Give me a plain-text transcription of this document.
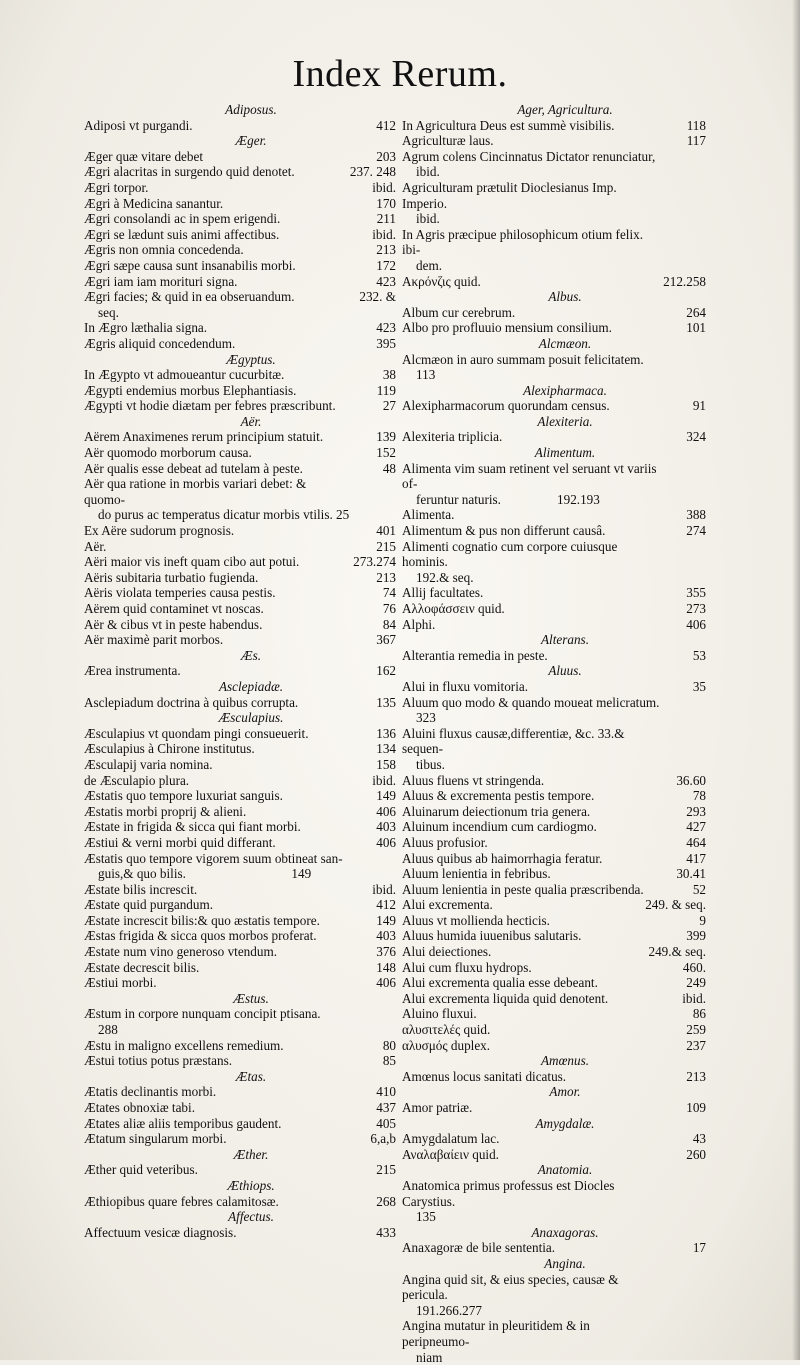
Index Rerum.
Adiposus.
Adiposi vt purgandi.	412
Æger.
Æger quæ vitare debet	203
Ægri alacritas in surgendo quid denotet.	237. 248
Ægri torpor.	ibid.
Ægri à Medicina sanantur.	170
Ægri consolandi ac in spem erigendi.	211
Ægri se lædunt suis animi affectibus.	ibid.
Ægris non omnia concedenda.	213
Ægri sæpe causa sunt insanabilis morbi.	172
Ægri iam iam morituri signa.	423
Ægri facies; & quid in ea obseruandum.	232. &
seq.
In Ægro læthalia signa.	423
Ægris aliquid concedendum.	395
Ægyptus.
In Ægypto vt admoueantur cucurbitæ.	38
Ægypti endemius morbus Elephantiasis.	119
Ægypti vt hodie diætam per febres præscribunt.	27
Aër.
Aërem Anaximenes rerum principium statuit.	139
Aër quomodo morborum causa.	152
Aër qualis esse debeat ad tutelam à peste.	48
Aër qua ratione in morbis variari debet: & quomo-
do purus ac temperatus dicatur morbis vtilis. 25
Ex Aëre sudorum prognosis.	401
Aër.	215
Aëri maior vis ineft quam cibo aut potui.	273.274
Aëris subitaria turbatio fugienda.	213
Aëris violata temperies causa pestis.	74
Aërem quid contaminet vt noscas.	76
Aër & cibus vt in peste habendus.	84
Aër maximè parit morbos.	367
Æs.
Ærea instrumenta.	162
Asclepiadæ.
Asclepiadum doctrina à quibus corrupta.	135
Æsculapius.
Æsculapius vt quondam pingi consueuerit.	136
Æsculapius à Chirone institutus.	134
Æsculapij varia nomina.	158
de Æsculapio plura.	ibid.
Æstatis quo tempore luxuriat sanguis.	149
Æstatis morbi proprij & alieni.	406
Æstate in frigida & sicca qui fiant morbi.	403
Æstiui & verni morbi quid differant.	406
Æstatis quo tempore vigorem suum obtineat san-
guis,& quo bilis.                                149
Æstate bilis increscit.	ibid.
Æstate quid purgandum.	412
Æstate increscit bilis:& quo æstatis tempore.	149
Æstas frigida & sicca quos morbos proferat.	403
Æstate num vino generoso vtendum.	376
Æstate decrescit bilis.	148
Æstiui morbi.	406
Æstus.
Æstum in corpore nunquam concipit ptisana.
288
Æstu in maligno excellens remedium.	80
Æstui totius potus præstans.	85
Ætas.
Ætatis declinantis morbi.	410
Ætates obnoxiæ tabi.	437
Ætates aliæ aliis temporibus gaudent.	405
Ætatum singularum morbi.	6,a,b
Æther.
Æther quid veteribus.	215
Æthiops.
Æthiopibus quare febres calamitosæ.	268
Affectus.
Affectuum vesicæ diagnosis.	433
Ager, Agricultura.
In Agricultura Deus est summè visibilis.	118
Agriculturæ laus.	117
Agrum colens Cincinnatus Dictator renunciatur,
ibid.
Agriculturam prætulit Dioclesianus Imp. Imperio.
ibid.
In Agris præcipue philosophicum otium felix. ibi-
dem.
Ακρόνζις quid.	212.258
Albus.
Album cur cerebrum.	264
Albo pro profluuio mensium consilium.	101
Alcmæon.
Alcmæon in auro summam posuit felicitatem.
113
Alexipharmaca.
Alexipharmacorum quorundam census.	91
Alexiteria.
Alexiteria triplicia.	324
Alimentum.
Alimenta vim suam retinent vel seruant vt variis of-
feruntur naturis.                 192.193
Alimenta.	388
Alimentum & pus non differunt causâ.	274
Alimenti cognatio cum corpore cuiusque hominis.
192.& seq.
Allij facultates.	355
Αλλοφάσσειν quid.	273
Alphi.	406
Alterans.
Alterantia remedia in peste.	53
Aluus.
Alui in fluxu vomitoria.	35
Aluum quo modo & quando moueat melicratum.
323
Aluini fluxus causæ,differentiæ, &c. 33.& sequen-
tibus.
Aluus fluens vt stringenda.	36.60
Aluus & excrementa pestis tempore.	78
Aluinarum deiectionum tria genera.	293
Aluinum incendium cum cardiogmo.	427
Aluus profusior.	464
Aluus quibus ab haimorrhagia feratur.	417
Aluum lenientia in febribus.	30.41
Aluum lenientia in peste qualia præscribenda.	52
Alui excrementa.	249. & seq.
Aluus vt mollienda hecticis.	9
Aluus humida iuuenibus salutaris.	399
Alui deiectiones.	249.& seq.
Alui cum fluxu hydrops.	460.
Alui excrementa qualia esse debeant.	249
Alui excrementa liquida quid denotent.	ibid.
Aluino fluxui.	86
αλυσιτελές quid.	259
αλυσμός duplex.	237
Amœnus.
Amœnus locus sanitati dicatus.	213
Amor.
Amor patriæ.	109
Amygdalæ.
Amygdalatum lac.	43
Αναλαβαίειν quid.	260
Anatomia.
Anatomica primus professus est Diocles Carystius.
135
Anaxagoras.
Anaxagoræ de bile sententia.	17
Angina.
Angina quid sit, & eius species, causæ & pericula.
191.266.277
Angina mutatur in pleuritidem & in peripneumo-
niam
